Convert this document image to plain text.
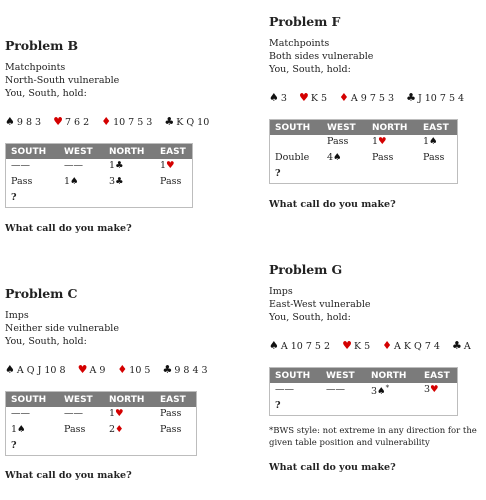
Problem B
Matchpoints
North-South vulnerable
You, South, hold:
♠ 9 8 3 ♥ 7 6 2 ♦ 10 7 5 3 ♣ K Q 10
SOUTH	WEST	NORTH	EAST
——	——	1♣	1♥
Pass	1♠	3♣	Pass
?			
What call do you make?
Problem C
Imps
Neither side vulnerable
You, South, hold:
♠ A Q J 10 8 ♥ A 9 ♦ 10 5 ♣ 9 8 4 3
SOUTH	WEST	NORTH	EAST
——	——	1♥	Pass
1♠	Pass	2♦	Pass
?			
What call do you make?
Problem F
Matchpoints
Both sides vulnerable
You, South, hold:
♠ 3 ♥ K 5 ♦ A 9 7 5 3 ♣ J 10 7 5 4
SOUTH	WEST	NORTH	EAST
	Pass	1♥	1♠
Double	4♠	Pass	Pass
?			
What call do you make?
Problem G
Imps
East-West vulnerable
You, South, hold:
♠ A 10 7 5 2 ♥ K 5 ♦ A K Q 7 4 ♣ A
SOUTH	WEST	NORTH	EAST
——	——	3♠*	3♥
?			
*BWS style: not extreme in any direction for the given table position and vulnerability
What call do you make?
